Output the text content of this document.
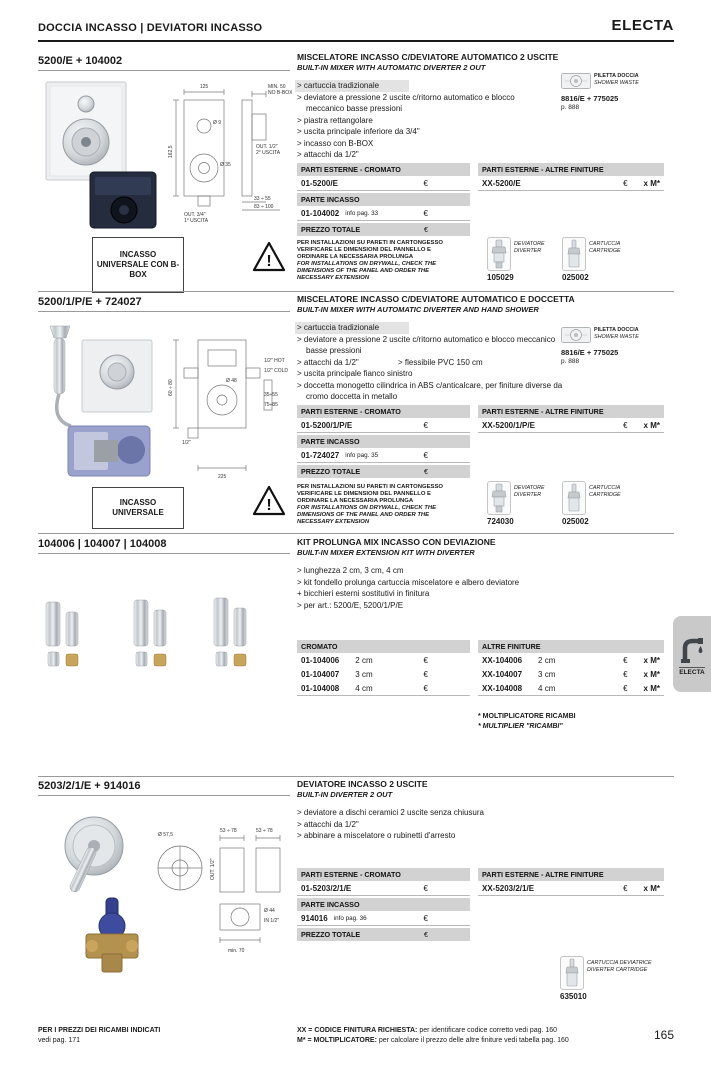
DOCCIA INCASSO | DEVIATORI INCASSO	ELECTA
5200/E + 104002
125	MIN. 50
NO B-BOX
Ø 9
Ø 35
OUT. 1/2"
2° USCITA
162,5
OUT. 3/4"
1° USCITA
33 ÷ 55
83 ÷ 100
INCASSO UNIVERSALE CON B-BOX
MISCELATORE INCASSO C/DEVIATORE AUTOMATICO 2 USCITE
BUILT-IN MIXER WITH AUTOMATIC DIVERTER 2 OUT
> cartuccia tradizionale
> deviatore a pressione 2 uscite c/ritorno automatico e blocco meccanico basse pressioni
> piastra rettangolare
> uscita principale inferiore da 3/4"
> incasso con B-BOX
> attacchi da 1/2"
PILETTA DOCCIA
SHOWER WASTE
8816/E + 775025
p. 888
PARTI ESTERNE - CROMATO	PARTI ESTERNE - ALTRE FINITURE
01-5200/E	€	XX-5200/E	€ x M*
PARTE INCASSO
01-104002 info pag. 33	€
PREZZO TOTALE	€
!
PER INSTALLAZIONI SU PARETI IN CARTONGESSO VERIFICARE LE DIMENSIONI DEL PANNELLO E ORDINARE LA NECESSARIA PROLUNGA
FOR INSTALLATIONS ON DRYWALL, CHECK THE DIMENSIONS OF THE PANEL AND ORDER THE NECESSARY EXTENSION
DEVIATORE
DIVERTER
105029
CARTUCCIA
CARTRIDGE
025002
5200/1/P/E + 724027
60 ÷ 80
1/2" HOT
1/2" COLD
35÷55
75÷85
1/2"
Ø 48
225
INCASSO UNIVERSALE
MISCELATORE INCASSO C/DEVIATORE AUTOMATICO E DOCCETTA
BUILT-IN MIXER WITH AUTOMATIC DIVERTER AND HAND SHOWER
> cartuccia tradizionale
> deviatore a pressione 2 uscite c/ritorno automatico e blocco meccanico basse pressioni
> attacchi da 1/2"	> flessibile PVC 150 cm
> uscita principale fianco sinistro
> doccetta monogetto cilindrica in ABS c/anticalcare, per finiture diverse da cromo doccetta in metallo
PILETTA DOCCIA
SHOWER WASTE
8816/E + 775025
p. 888
PARTI ESTERNE - CROMATO	PARTI ESTERNE - ALTRE FINITURE
01-5200/1/P/E	€	XX-5200/1/P/E	€ x M*
PARTE INCASSO
01-724027 info pag. 35	€
PREZZO TOTALE	€
!
PER INSTALLAZIONI SU PARETI IN CARTONGESSO VERIFICARE LE DIMENSIONI DEL PANNELLO E ORDINARE LA NECESSARIA PROLUNGA
FOR INSTALLATIONS ON DRYWALL, CHECK THE DIMENSIONS OF THE PANEL AND ORDER THE NECESSARY EXTENSION
DEVIATORE
DIVERTER
724030
CARTUCCIA
CARTRIDGE
025002
104006 | 104007 | 104008	KIT PROLUNGA MIX INCASSO CON DEVIAZIONE
BUILT-IN MIXER EXTENSION KIT WITH DIVERTER
> lunghezza 2 cm, 3 cm, 4 cm
> kit fondello prolunga cartuccia miscelatore e albero deviatore
+ bicchieri esterni sostitutivi in finitura
> per art.: 5200/E, 5200/1/P/E
CROMATO	ALTRE FINITURE
01-104006 2 cm	€	XX-104006 2 cm	€ x M*
01-104007 3 cm	€	XX-104007 3 cm	€ x M*
01-104008 4 cm	€	XX-104008 4 cm	€ x M*
* MOLTIPLICATORE RICAMBI
* MULTIPLIER "RICAMBI"
ELECTA
5203/2/1/E + 914016
Ø 57,5
53 ÷ 78	53 ÷ 78
OUT. 1/2"
Ø 44
IN 1/2"
min. 70
DEVIATORE INCASSO 2 USCITE
BUILT-IN DIVERTER 2 OUT
> deviatore a dischi ceramici 2 uscite senza chiusura
> attacchi da 1/2"
> abbinare a miscelatore o rubinetti d'arresto
PARTI ESTERNE - CROMATO	PARTI ESTERNE - ALTRE FINITURE
01-5203/2/1/E	€	XX-5203/2/1/E	€ x M*
PARTE INCASSO
914016 info pag. 36	€
PREZZO TOTALE	€
CARTUCCIA DEVIATRICE
DIVERTER CARTRIDGE
635010
PER I PREZZI DEI RICAMBI INDICATI
vedi pag. 171
XX = CODICE FINITURA RICHIESTA: per identificare codice corretto vedi pag. 160
M* = MOLTIPLICATORE: per calcolare il prezzo delle altre finiture vedi tabella pag. 160	165
